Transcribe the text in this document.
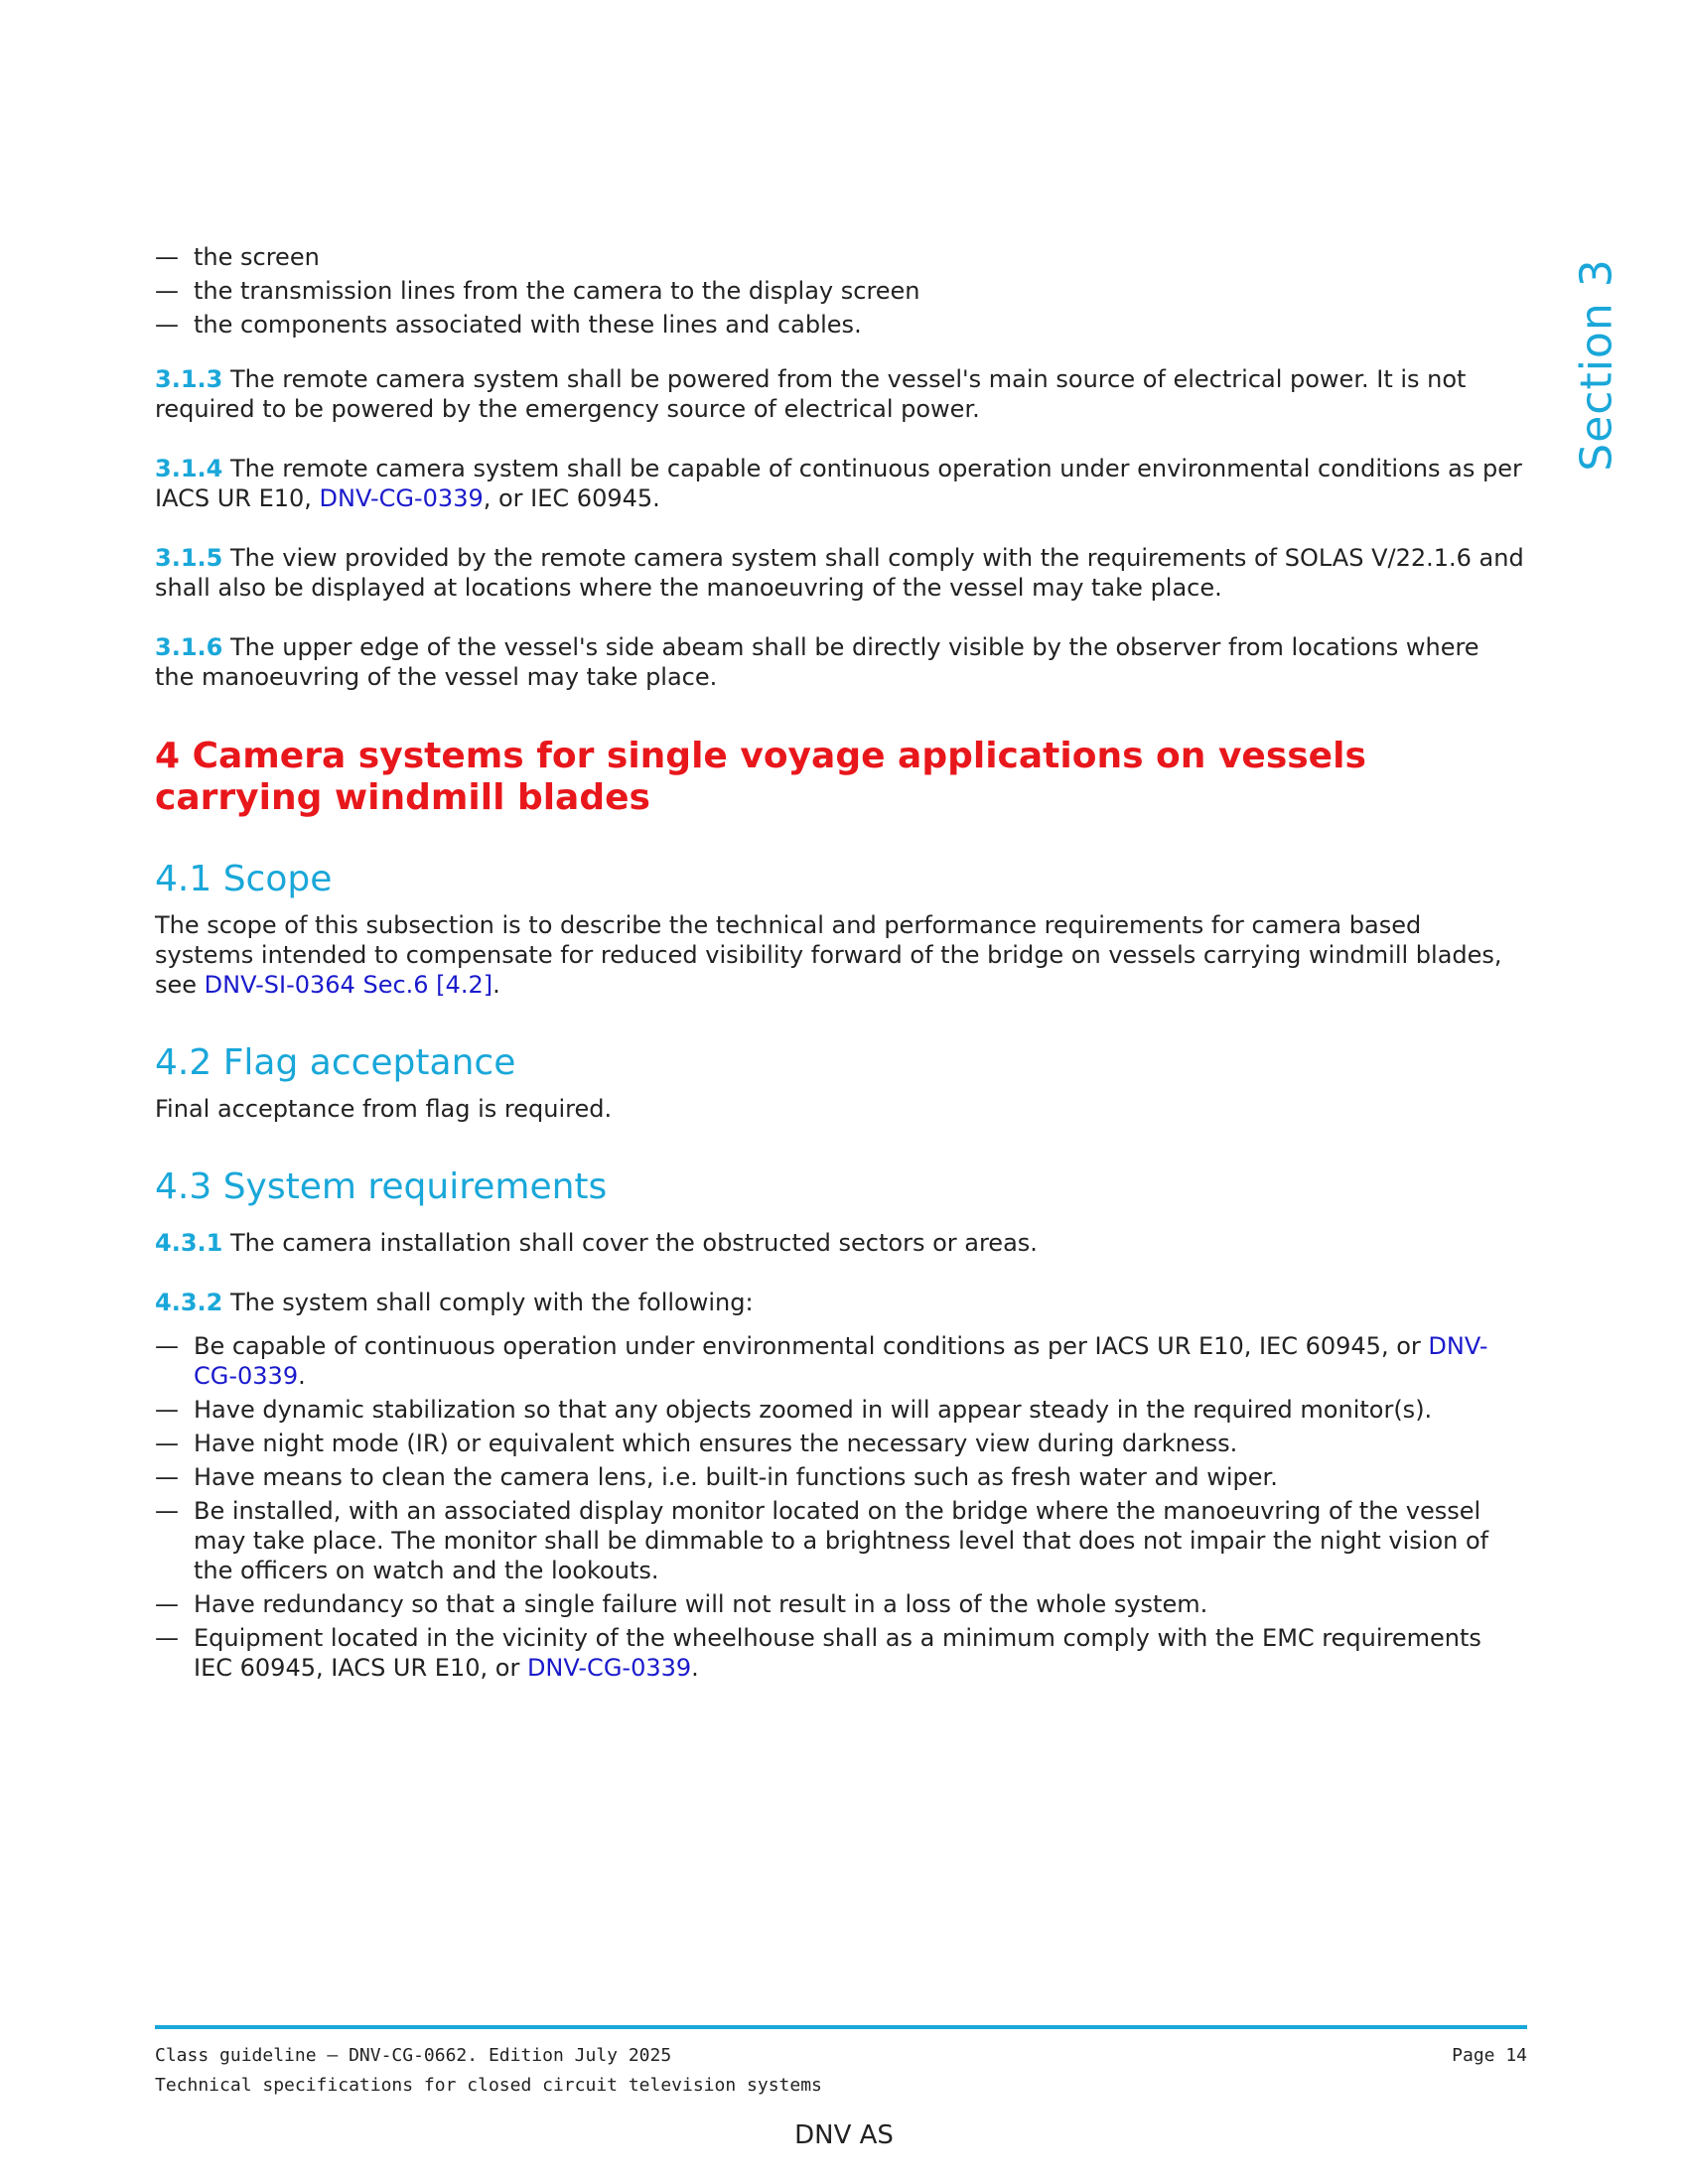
Section 3
— the screen
— the transmission lines from the camera to the display screen
— the components associated with these lines and cables.

3.1.3 The remote camera system shall be powered from the vessel's main source of electrical power. It is not required to be powered by the emergency source of electrical power.

3.1.4 The remote camera system shall be capable of continuous operation under environmental conditions as per IACS UR E10, DNV-CG-0339, or IEC 60945.

3.1.5 The view provided by the remote camera system shall comply with the requirements of SOLAS V/22.1.6 and shall also be displayed at locations where the manoeuvring of the vessel may take place.

3.1.6 The upper edge of the vessel's side abeam shall be directly visible by the observer from locations where the manoeuvring of the vessel may take place.

4 Camera systems for single voyage applications on vessels carrying windmill blades
4.1 Scope

The scope of this subsection is to describe the technical and performance requirements for camera based systems intended to compensate for reduced visibility forward of the bridge on vessels carrying windmill blades, see DNV-SI-0364 Sec.6 [4.2].

4.2 Flag acceptance

Final acceptance from flag is required.

4.3 System requirements

4.3.1 The camera installation shall cover the obstructed sectors or areas.

4.3.2 The system shall comply with the following:

— Be capable of continuous operation under environmental conditions as per IACS UR E10, IEC 60945, or DNV-CG-0339.
— Have dynamic stabilization so that any objects zoomed in will appear steady in the required monitor(s).
— Have night mode (IR) or equivalent which ensures the necessary view during darkness.
— Have means to clean the camera lens, i.e. built-in functions such as fresh water and wiper.
— Be installed, with an associated display monitor located on the bridge where the manoeuvring of the vessel may take place. The monitor shall be dimmable to a brightness level that does not impair the night vision of the officers on watch and the lookouts.
— Have redundancy so that a single failure will not result in a loss of the whole system.
— Equipment located in the vicinity of the wheelhouse shall as a minimum comply with the EMC requirements IEC 60945, IACS UR E10, or DNV-CG-0339.
Class guideline — DNV-CG-0662. Edition July 2025
Technical specifications for closed circuit television systems
Page 14
DNV AS
